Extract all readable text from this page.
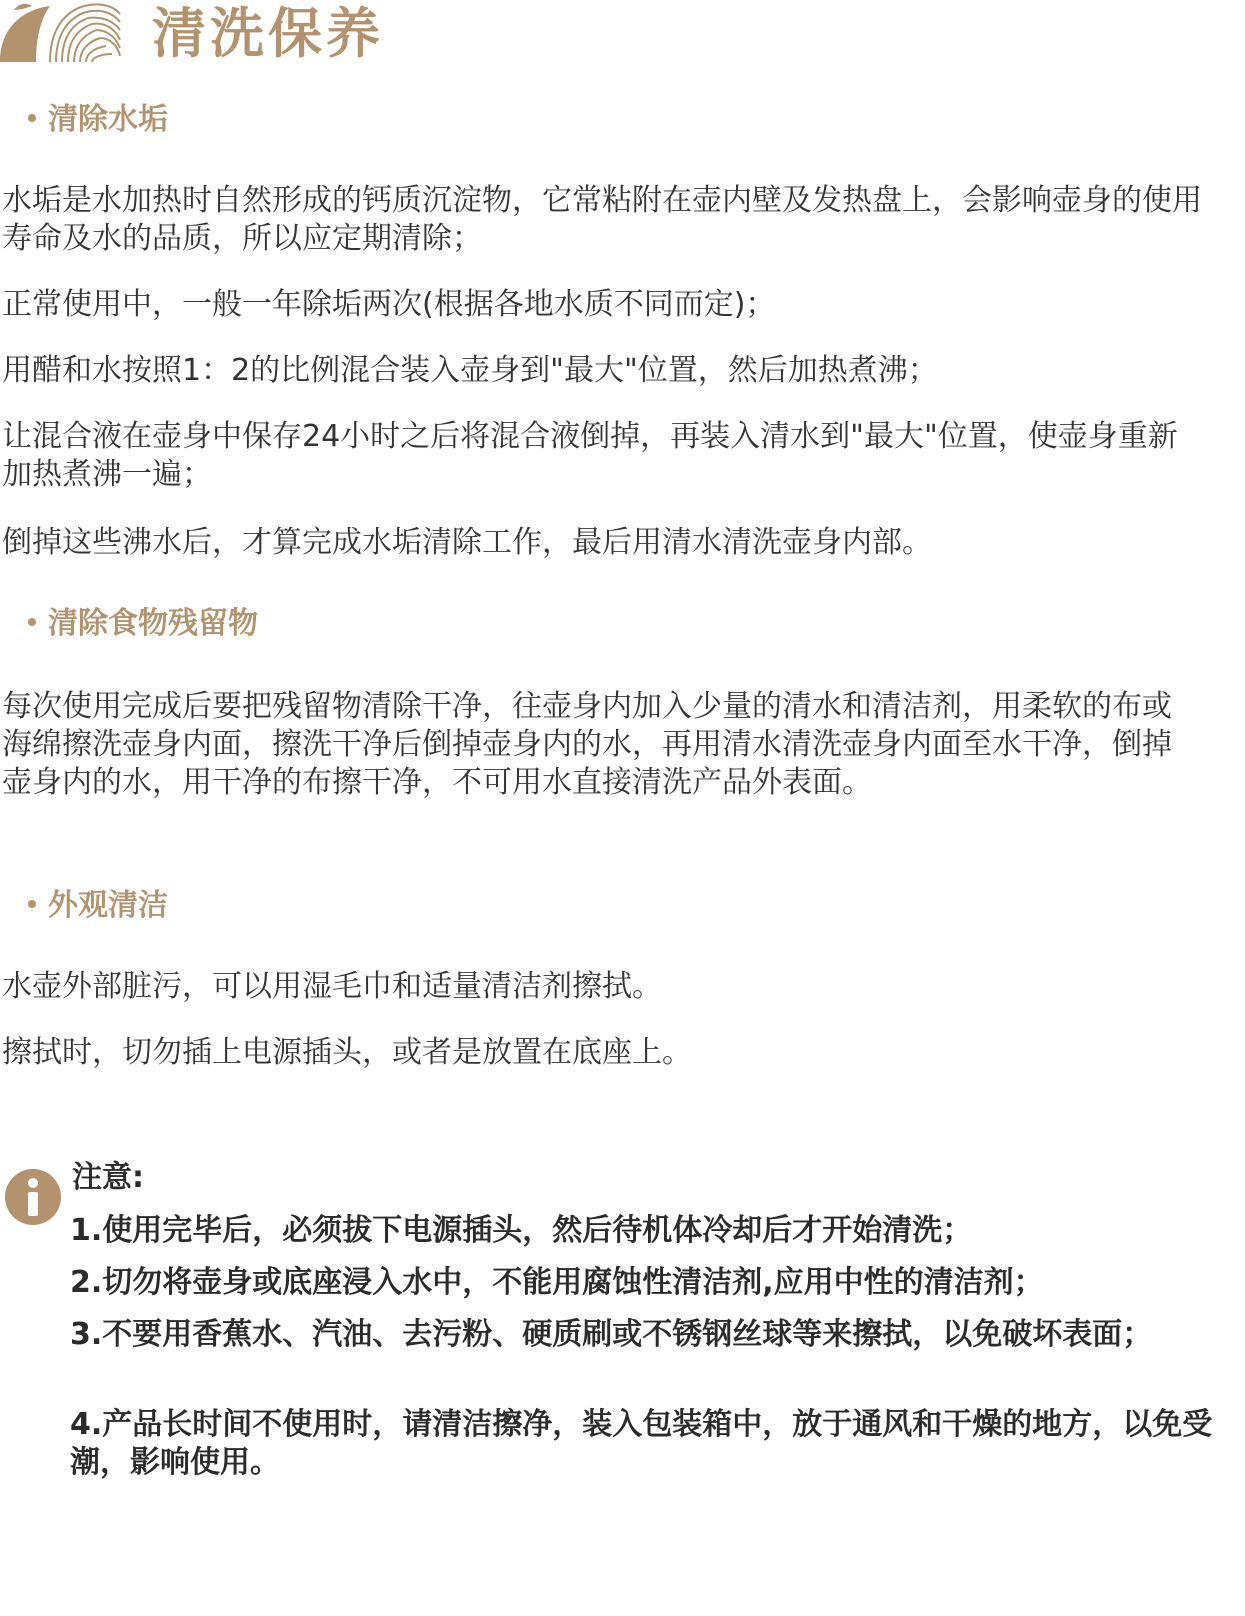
清洗保养
清除水垢
水垢是水加热时自然形成的钙质沉淀物，它常粘附在壶内壁及发热盘上，会影响壶身的使用寿命及水的品质，所以应定期清除；
正常使用中，一般一年除垢两次(根据各地水质不同而定)；
用醋和水按照1：2的比例混合装入壶身到"最大"位置，然后加热煮沸；
让混合液在壶身中保存24小时之后将混合液倒掉，再装入清水到"最大"位置，使壶身重新加热煮沸一遍；
倒掉这些沸水后，才算完成水垢清除工作，最后用清水清洗壶身内部。
清除食物残留物
每次使用完成后要把残留物清除干净，往壶身内加入少量的清水和清洁剂，用柔软的布或海绵擦洗壶身内面，擦洗干净后倒掉壶身内的水，再用清水清洗壶身内面至水干净，倒掉壶身内的水，用干净的布擦干净，不可用水直接清洗产品外表面。
外观清洁
水壶外部脏污，可以用湿毛巾和适量清洁剂擦拭。
擦拭时，切勿插上电源插头，或者是放置在底座上。
注意:
1.使用完毕后，必须拔下电源插头，然后待机体冷却后才开始清洗；
2.切勿将壶身或底座浸入水中，不能用腐蚀性清洁剂,应用中性的清洁剂；
3.不要用香蕉水、汽油、去污粉、硬质刷或不锈钢丝球等来擦拭，以免破坏表面；
4.产品长时间不使用时，请清洁擦净，装入包装箱中，放于通风和干燥的地方，以免受潮，影响使用。
